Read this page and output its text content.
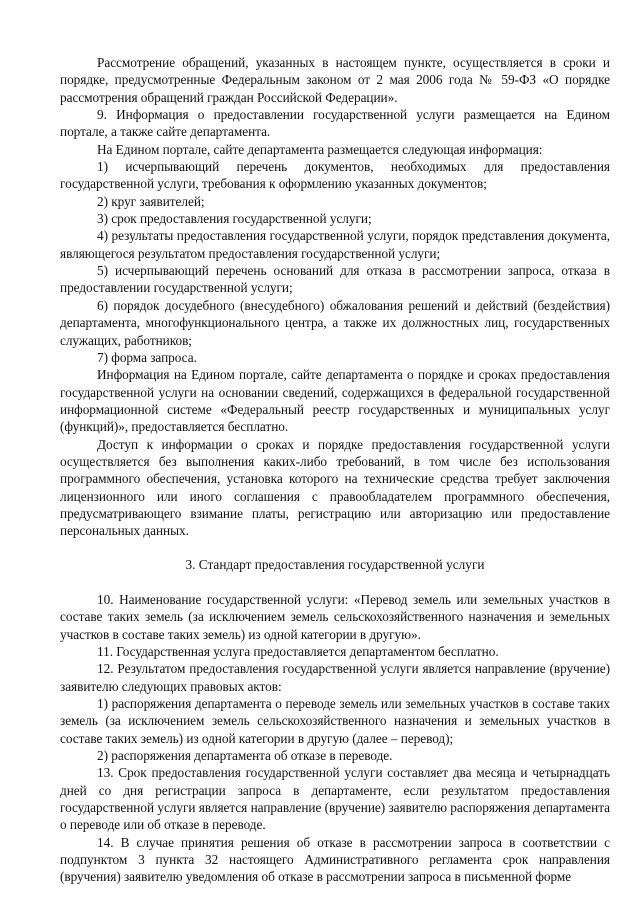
Рассмотрение обращений, указанных в настоящем пункте, осуществляется в сроки и порядке, предусмотренные Федеральным законом от 2 мая 2006 года № 59-ФЗ «О порядке рассмотрения обращений граждан Российской Федерации».

9. Информация о предоставлении государственной услуги размещается на Едином портале, а также сайте департамента.

На Едином портале, сайте департамента размещается следующая информация:

1) исчерпывающий перечень документов, необходимых для предоставления государственной услуги, требования к оформлению указанных документов;

2) круг заявителей;

3) срок предоставления государственной услуги;

4) результаты предоставления государственной услуги, порядок представления документа, являющегося результатом предоставления государственной услуги;

5) исчерпывающий перечень оснований для отказа в рассмотрении запроса, отказа в предоставлении государственной услуги;

6) порядок досудебного (внесудебного) обжалования решений и действий (бездействия) департамента, многофункционального центра, а также их должностных лиц, государственных служащих, работников;

7) форма запроса.

Информация на Едином портале, сайте департамента о порядке и сроках предоставления государственной услуги на основании сведений, содержащихся в федеральной государственной информационной системе «Федеральный реестр государственных и муниципальных услуг (функций)», предоставляется бесплатно.

Доступ к информации о сроках и порядке предоставления государственной услуги осуществляется без выполнения каких-либо требований, в том числе без использования программного обеспечения, установка которого на технические средства требует заключения лицензионного или иного соглашения с правообладателем программного обеспечения, предусматривающего взимание платы, регистрацию или авторизацию или предоставление персональных данных.

3. Стандарт предоставления государственной услуги

10. Наименование государственной услуги: «Перевод земель или земельных участков в составе таких земель (за исключением земель сельскохозяйственного назначения и земельных участков в составе таких земель) из одной категории в другую».

11. Государственная услуга предоставляется департаментом бесплатно.

12. Результатом предоставления государственной услуги является направление (вручение) заявителю следующих правовых актов:

1) распоряжения департамента о переводе земель или земельных участков в составе таких земель (за исключением земель сельскохозяйственного назначения и земельных участков в составе таких земель) из одной категории в другую (далее – перевод);

2) распоряжения департамента об отказе в переводе.

13. Срок предоставления государственной услуги составляет два месяца и четырнадцать дней со дня регистрации запроса в департаменте, если результатом предоставления государственной услуги является направление (вручение) заявителю распоряжения департамента о переводе или об отказе в переводе.

14. В случае принятия решения об отказе в рассмотрении запроса в соответствии с подпунктом 3 пункта 32 настоящего Административного регламента срок направления (вручения) заявителю уведомления об отказе в рассмотрении запроса в письменной форме
